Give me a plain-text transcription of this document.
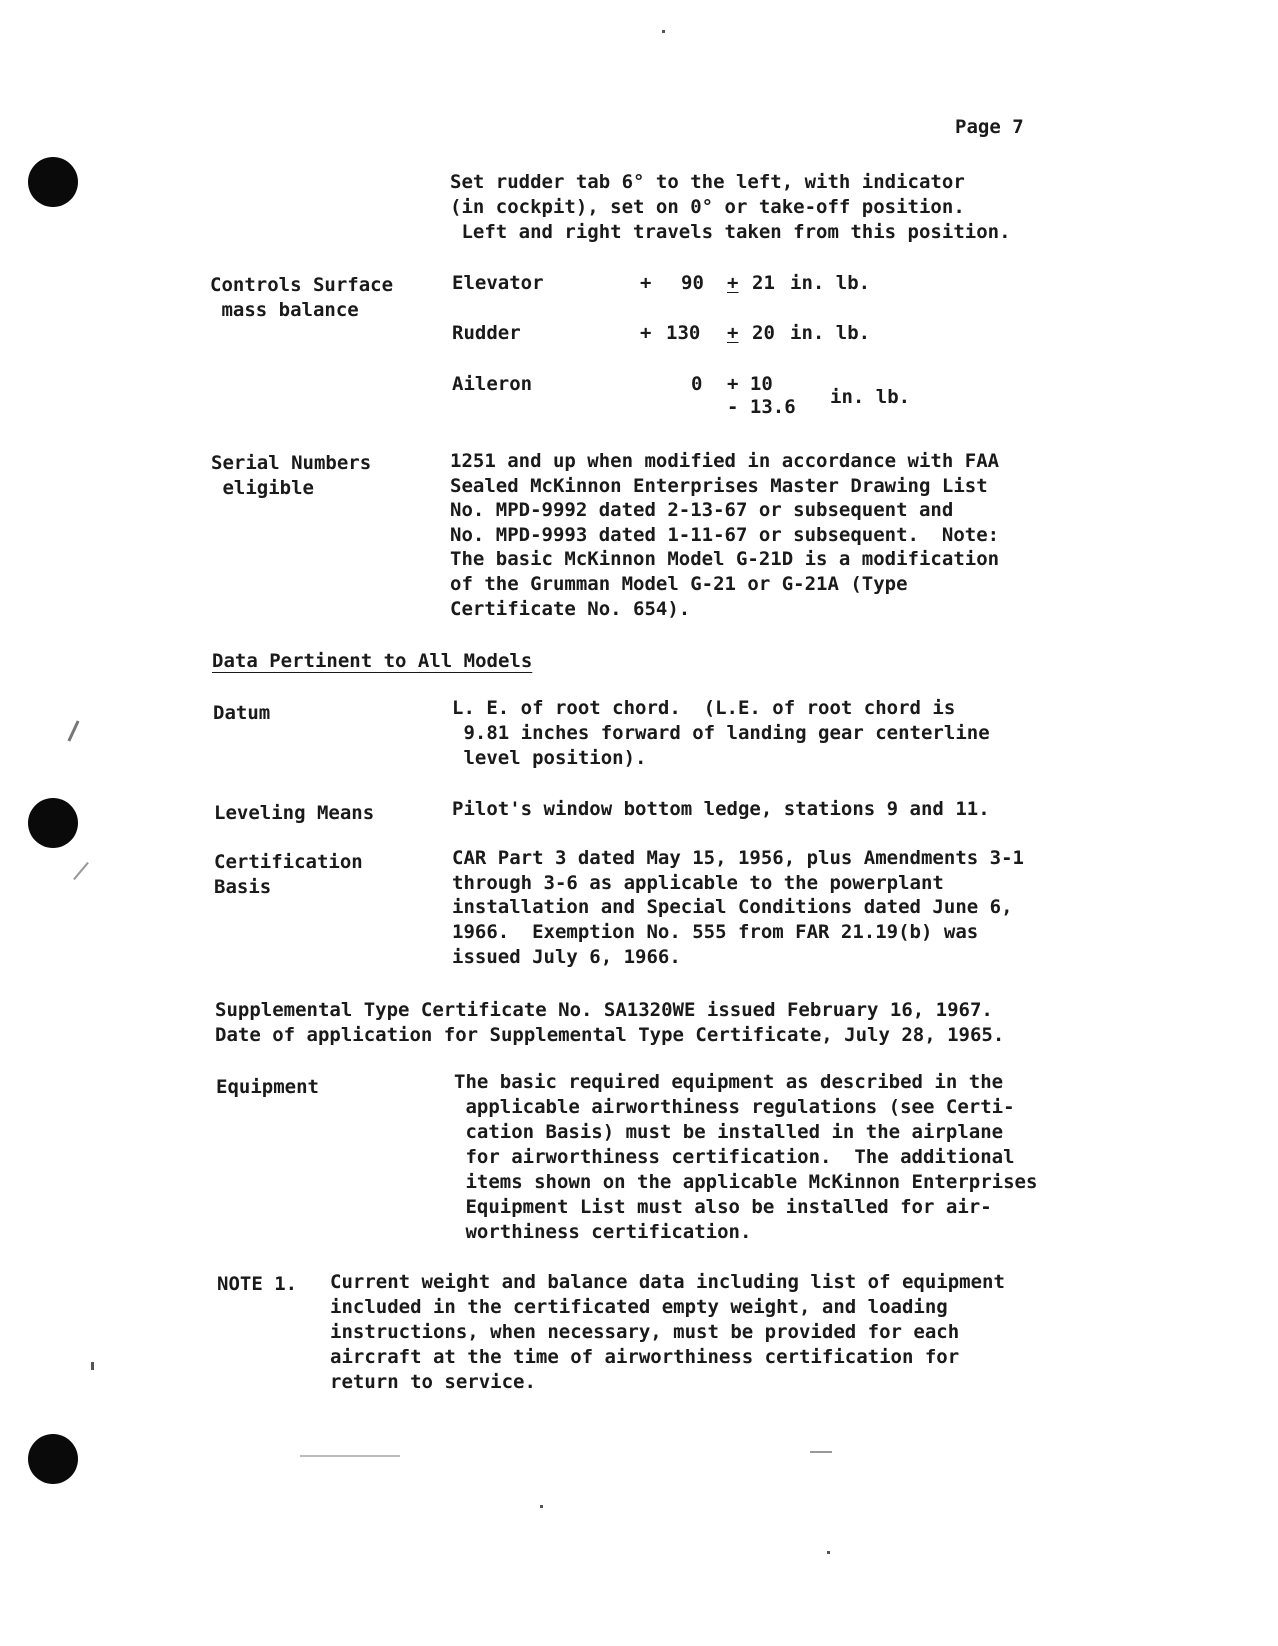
Page 7
Set rudder tab 6° to the left, with indicator
(in cockpit), set on 0° or take-off position.
Left and right travels taken from this position.
Controls Surface
mass balance
Elevator	+ 90 + 21 in. lb.
Rudder	+ 130 + 20 in. lb.
Aileron	0 + 10
- 13.6 in. lb.
Serial Numbers
eligible
1251 and up when modified in accordance with FAA
Sealed McKinnon Enterprises Master Drawing List
No. MPD-9992 dated 2-13-67 or subsequent and
No. MPD-9993 dated 1-11-67 or subsequent.  Note:
The basic McKinnon Model G-21D is a modification
of the Grumman Model G-21 or G-21A (Type
Certificate No. 654).
Data Pertinent to All Models
Datum	L. E. of root chord.  (L.E. of root chord is
9.81 inches forward of landing gear centerline
level position).
Leveling Means	Pilot's window bottom ledge, stations 9 and 11.
Certification
Basis
CAR Part 3 dated May 15, 1956, plus Amendments 3-1
through 3-6 as applicable to the powerplant
installation and Special Conditions dated June 6,
1966.  Exemption No. 555 from FAR 21.19(b) was
issued July 6, 1966.
Supplemental Type Certificate No. SA1320WE issued February 16, 1967.
Date of application for Supplemental Type Certificate, July 28, 1965.
Equipment	The basic required equipment as described in the
applicable airworthiness regulations (see Certi-
cation Basis) must be installed in the airplane
for airworthiness certification.  The additional
items shown on the applicable McKinnon Enterprises
Equipment List must also be installed for air-
worthiness certification.
NOTE 1. Current weight and balance data including list of equipment
included in the certificated empty weight, and loading
instructions, when necessary, must be provided for each
aircraft at the time of airworthiness certification for
return to service.
